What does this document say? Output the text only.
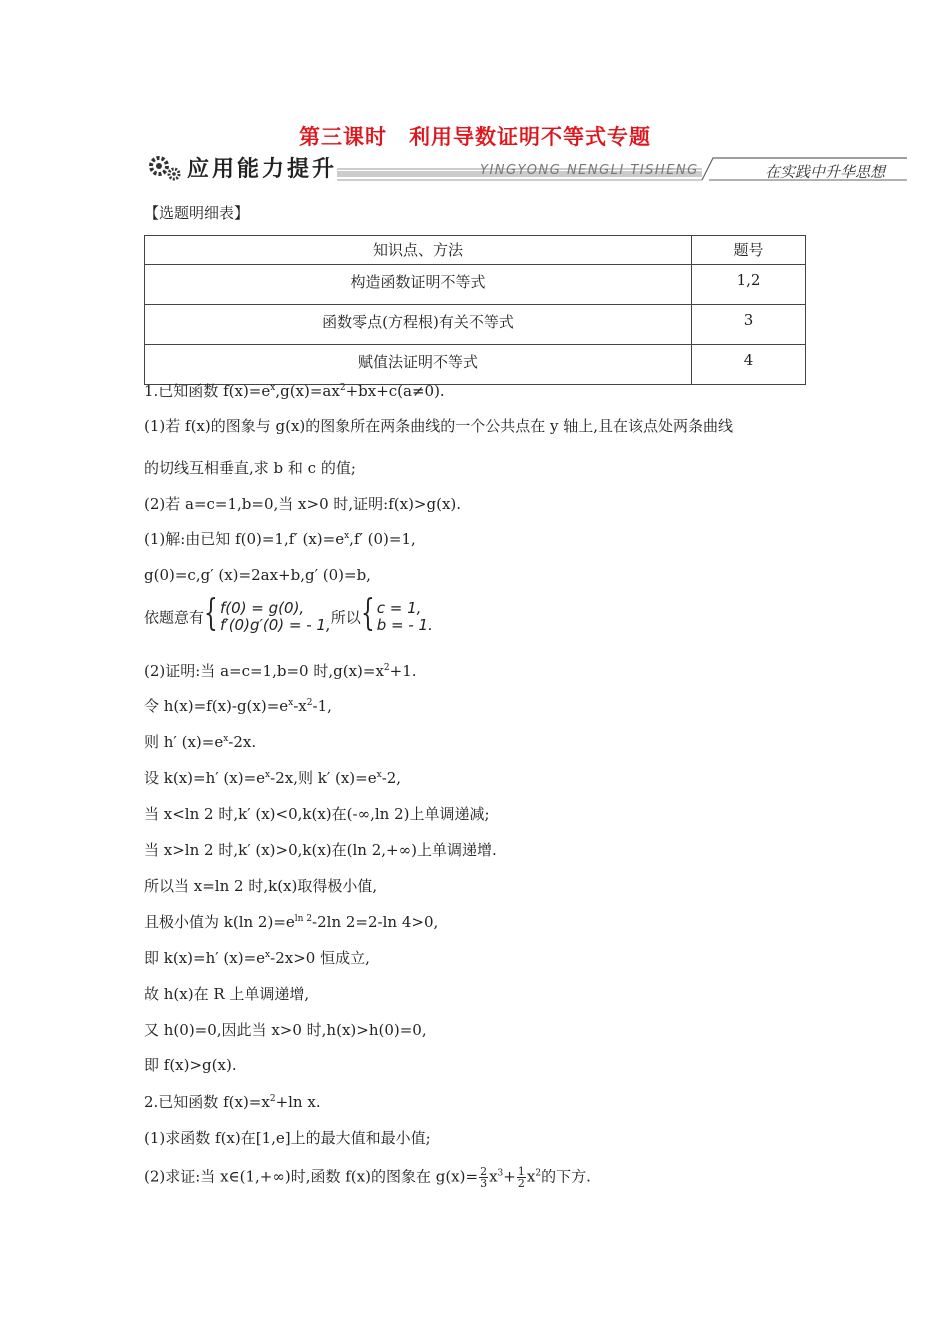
第三课时　利用导数证明不等式专题
应用能力提升	YINGYONG NENGLI TISHENG	在实践中升华思想
【选题明细表】
知识点、方法	题号
构造函数证明不等式	1,2
函数零点(方程根)有关不等式	3
赋值法证明不等式	4
1.已知函数 $f(x)=e^x,g(x)=ax^2+bx+c(a\ne 0)$.
(1)若 f(x)的图象与 g(x)的图象所在两条曲线的一个公共点在 y 轴上,且在该点处两条曲线
的切线互相垂直,求 b 和 c 的值;
(2)若 a=c=1,b=0,当 x>0 时,证明:f(x)>g(x).
(1)解:由已知 f(0)=1,f′ $(x)=e^x,f'$ (0)=1,
g(0)=c,g′ (x)=2ax+b,g′ (0)=b,
依题意有 { f(0) = g(0),
f′(0)g′(0) = - 1, 所以 { c = 1,
b = - 1.
(2)证明:当 a=c=1,b=0 时$,g(x)=x^2+1$.
令 $h(x)=f(x)-g(x)=e^x-x^2-1$,
则 h′ $(x)=e^x-2x$.
设 k(x)=h′ $(x)=e^x-2x$,则 k′ $(x)=e^x-2$,
当 x<ln 2 时,k′ (x)<0,k(x)在(-∞,ln 2)上单调递减;
当 x>ln 2 时,k′ (x)>0,k(x)在(ln 2,+∞)上单调递增.
所以当 x=ln 2 时,k(x)取得极小值,
且极小值为 k(ln $2)=e^{ln 2}-2\ln$ 2=2-ln 4>0,
即 k(x)=h′ $(x)=e^x-2x>0$ 恒成立,
故 h(x)在 R 上单调递增,
又 h(0)=0,因此当 x>0 时,h(x)>h(0)=0,
即 f(x)>g(x).
2.已知函数 $f(x)=x^2+\ln$ x.
(1)求函数 f(x)在[1,e]上的最大值和最小值;
(2)求证:当 x∈(1,+∞)时,函数 f(x)的图象在 $g(x)= \frac{2}{3} x^3+ \frac{1}{2} x^2$的下方.
